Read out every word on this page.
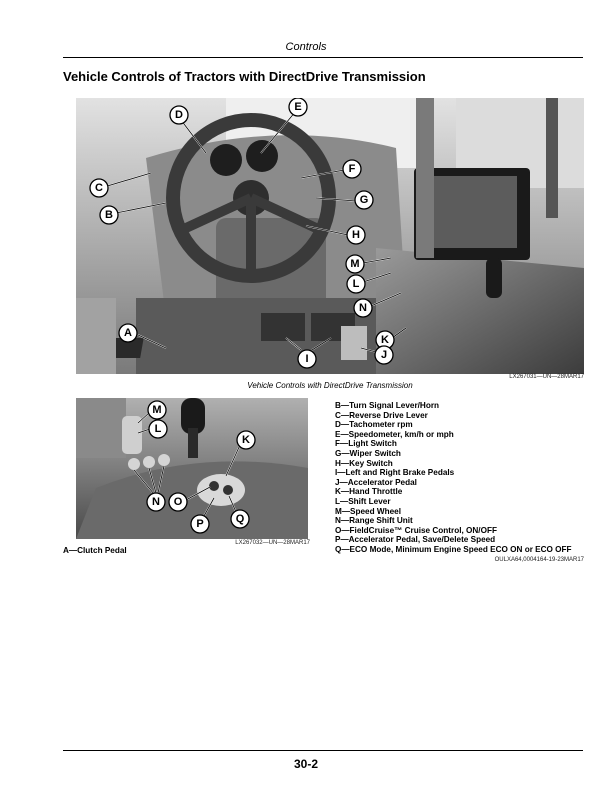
Controls
Vehicle Controls of Tractors with DirectDrive Transmission
D
E
C
F
B
G
H
M
L
N
A
K
I	J
Vehicle Controls with DirectDrive Transmission
LX267031—UN—28MAR17
M
L
K
N O
P	Q
LX267032—UN—28MAR17
B—Turn Signal Lever/Horn
C—Reverse Drive Lever
D—Tachometer rpm
E—Speedometer, km/h or mph
F—Light Switch
G—Wiper Switch
H—Key Switch
I—Left and Right Brake Pedals
J—Accelerator Pedal
K—Hand Throttle
L—Shift Lever
M—Speed Wheel
N—Range Shift Unit
O—FieldCruise™ Cruise Control, ON/OFF
P—Accelerator Pedal, Save/Delete Speed
Q—ECO Mode, Minimum Engine Speed ECO ON or ECO OFF
A—Clutch Pedal
OULXA64,0004164-19-23MAR17
30-2
